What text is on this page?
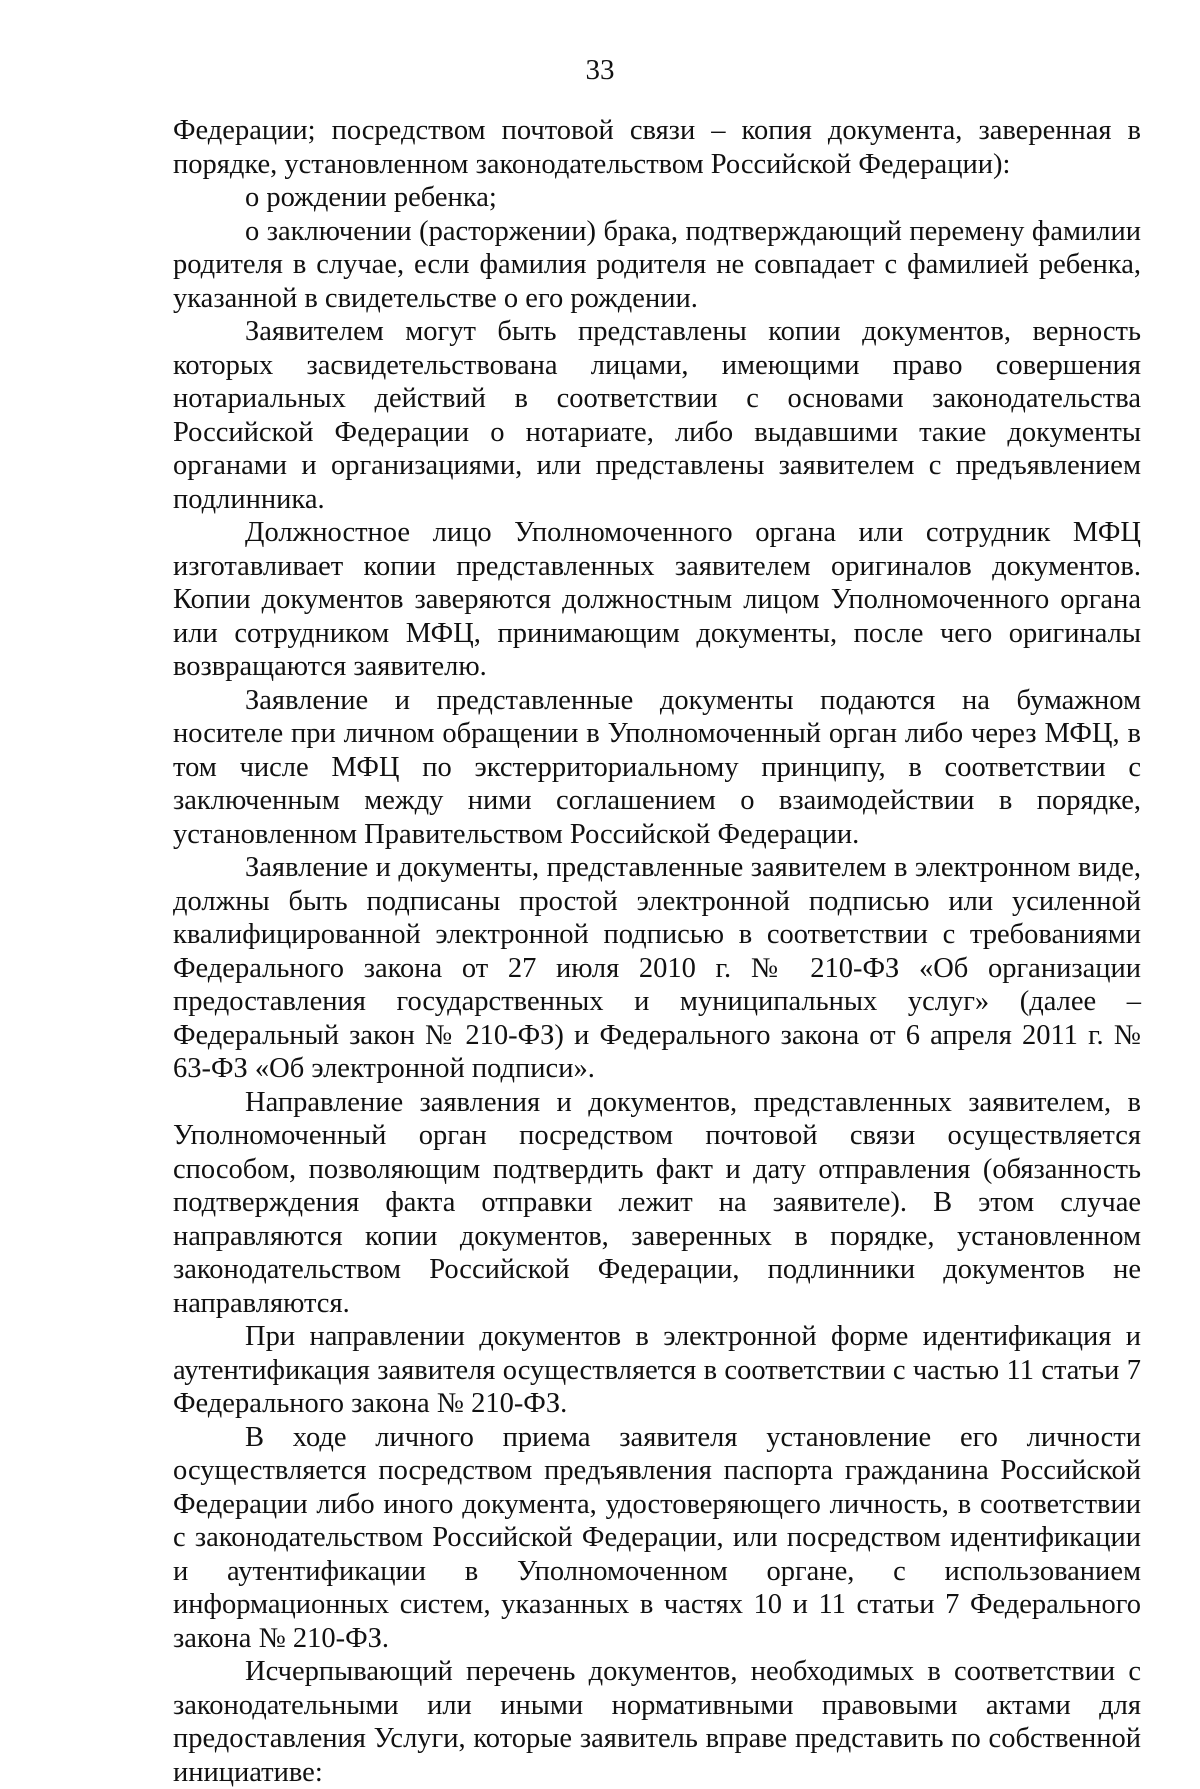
33

Федерации; посредством почтовой связи – копия документа, заверенная в порядке, установленном законодательством Российской Федерации):

о рождении ребенка;

о заключении (расторжении) брака, подтверждающий перемену фамилии родителя в случае, если фамилия родителя не совпадает с фамилией ребенка, указанной в свидетельстве о его рождении.

Заявителем могут быть представлены копии документов, верность которых засвидетельствована лицами, имеющими право совершения нотариальных действий в соответствии с основами законодательства Российской Федерации о нотариате, либо выдавшими такие документы органами и организациями, или представлены заявителем с предъявлением подлинника.

Должностное лицо Уполномоченного органа или сотрудник МФЦ изготавливает копии представленных заявителем оригиналов документов. Копии документов заверяются должностным лицом Уполномоченного органа или сотрудником МФЦ, принимающим документы, после чего оригиналы возвращаются заявителю.

Заявление и представленные документы подаются на бумажном носителе при личном обращении в Уполномоченный орган либо через МФЦ, в том числе МФЦ по экстерриториальному принципу, в соответствии с заключенным между ними соглашением о взаимодействии в порядке, установленном Правительством Российской Федерации.

Заявление и документы, представленные заявителем в электронном виде, должны быть подписаны простой электронной подписью или усиленной квалифицированной электронной подписью в соответствии с требованиями Федерального закона от 27 июля 2010 г. № 210-ФЗ «Об организации предоставления государственных и муниципальных услуг» (далее – Федеральный закон № 210-ФЗ) и Федерального закона от 6 апреля 2011 г. № 63-ФЗ «Об электронной подписи».

Направление заявления и документов, представленных заявителем, в Уполномоченный орган посредством почтовой связи осуществляется способом, позволяющим подтвердить факт и дату отправления (обязанность подтверждения факта отправки лежит на заявителе). В этом случае направляются копии документов, заверенных в порядке, установленном законодательством Российской Федерации, подлинники документов не направляются.

При направлении документов в электронной форме идентификация и аутентификация заявителя осуществляется в соответствии с частью 11 статьи 7 Федерального закона № 210-ФЗ.

В ходе личного приема заявителя установление его личности осуществляется посредством предъявления паспорта гражданина Российской Федерации либо иного документа, удостоверяющего личность, в соответствии с законодательством Российской Федерации, или посредством идентификации и аутентификации в Уполномоченном органе, с использованием информационных систем, указанных в частях 10 и 11 статьи 7 Федерального закона № 210-ФЗ.

Исчерпывающий перечень документов, необходимых в соответствии с законодательными или иными нормативными правовыми актами для предоставления Услуги, которые заявитель вправе представить по собственной инициативе:
